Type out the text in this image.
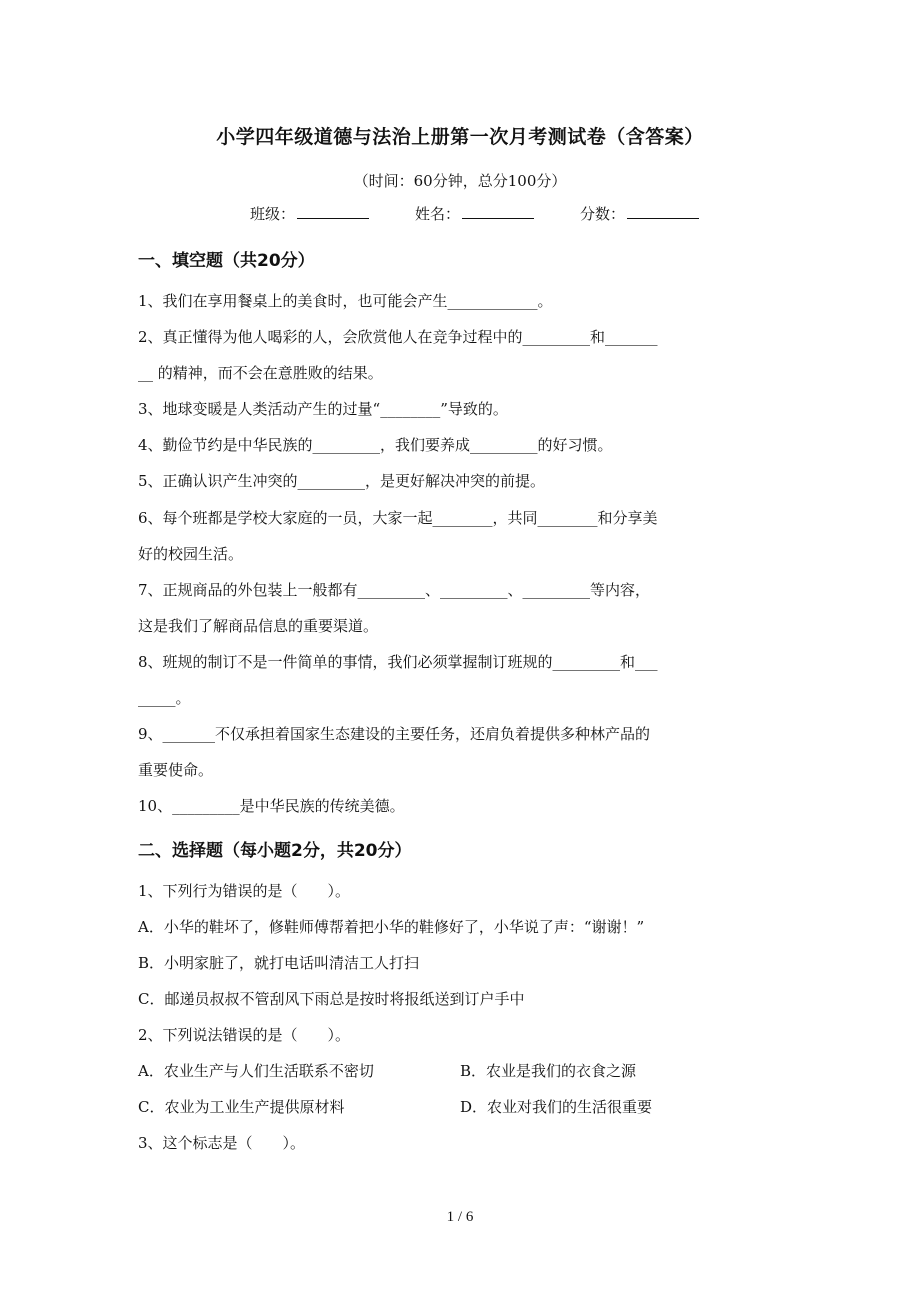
小学四年级道德与法治上册第一次月考测试卷（含答案）
（时间：60分钟，总分100分）
班级：	姓名：	分数：
一、填空题（共20分）
1、我们在享用餐桌上的美食时，也可能会产生____________。
2、真正懂得为他人喝彩的人，会欣赏他人在竞争过程中的_________和_______
__ 的精神，而不会在意胜败的结果。
3、地球变暖是人类活动产生的过量“________”导致的。
4、勤俭节约是中华民族的_________，我们要养成_________的好习惯。
5、正确认识产生冲突的_________，是更好解决冲突的前提。
6、每个班都是学校大家庭的一员，大家一起________，共同________和分享美
好的校园生活。
7、正规商品的外包装上一般都有_________、_________、_________等内容，
这是我们了解商品信息的重要渠道。
8、班规的制订不是一件简单的事情，我们必须掌握制订班规的_________和___
_____。
9、_______不仅承担着国家生态建设的主要任务，还肩负着提供多种林产品的
重要使命。
10、_________是中华民族的传统美德。
二、选择题（每小题2分，共20分）
1、下列行为错误的是（　　）。
A．小华的鞋坏了，修鞋师傅帮着把小华的鞋修好了，小华说了声：“谢谢！”
B．小明家脏了，就打电话叫清洁工人打扫
C．邮递员叔叔不管刮风下雨总是按时将报纸送到订户手中
2、下列说法错误的是（　　）。
A．农业生产与人们生活联系不密切	B．农业是我们的衣食之源
C．农业为工业生产提供原材料	D．农业对我们的生活很重要
3、这个标志是（　　）。
1 / 6
